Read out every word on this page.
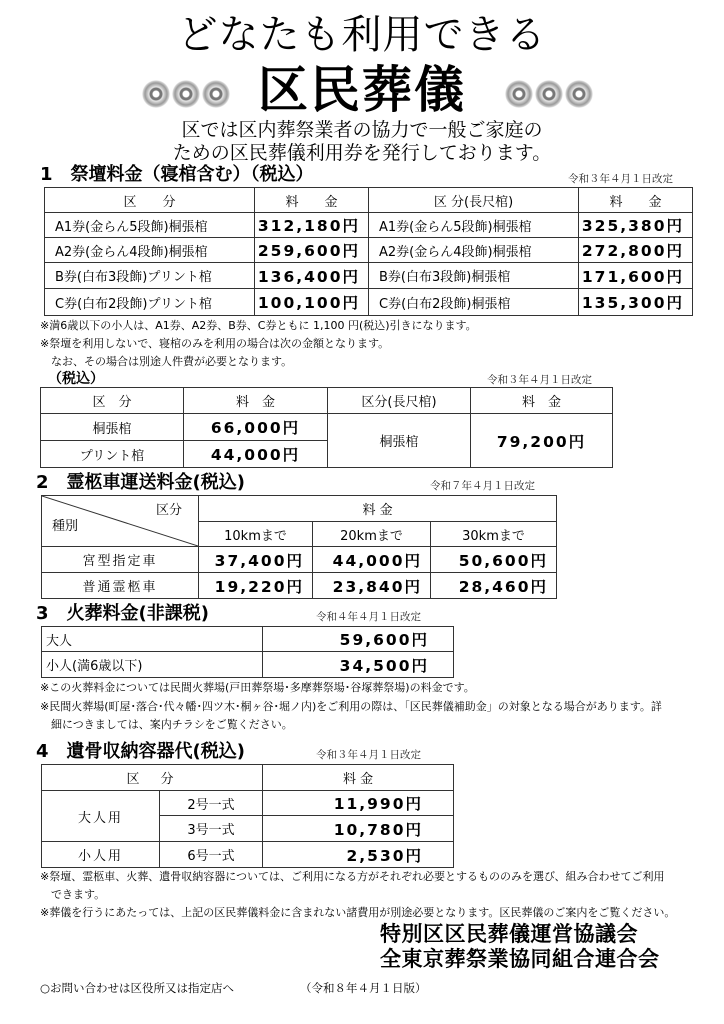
どなたも利用できる
区民葬儀
区では区内葬祭業者の協力で一般ご家庭の
ための区民葬儀利用券を発行しております。
1　祭壇料金（寝棺含む）（税込）	令和３年４月１日改定
区　　分	料　　金	区 分(長尺棺)	料　　金
A1券(金らん5段飾)桐張棺	312,180円	A1券(金らん5段飾)桐張棺	325,380円
A2券(金らん4段飾)桐張棺	259,600円	A2券(金らん4段飾)桐張棺	272,800円
B券(白布3段飾)プリント棺	136,400円	B券(白布3段飾)桐張棺	171,600円
C券(白布2段飾)プリント棺	100,100円	C券(白布2段飾)桐張棺	135,300円
※満6歳以下の小人は、A1券、A2券、B券、C券ともに 1,100 円(税込)引きになります。
※祭壇を利用しないで、寝棺のみを利用の場合は次の金額となります。
　なお、その場合は別途人件費が必要となります。
（税込）	令和３年４月１日改定
区　分	料　金	区分(長尺棺)	料　金
桐張棺	66,000円	桐張棺	79,200円
プリント棺	44,000円		
2　霊柩車運送料金(税込)	令和７年４月１日改定
区分
種別	料 金		
	10kmまで	20kmまで	30kmまで
宮型指定車	37,400円	44,000円	50,600円
普通霊柩車	19,220円	23,840円	28,460円
3　火葬料金(非課税)	令和４年４月１日改定
大人	59,600円
小人(満6歳以下)	34,500円
※この火葬料金については民間火葬場(戸田葬祭場･多摩葬祭場･谷塚葬祭場)の料金です。
※民間火葬場(町屋･落合･代々幡･四ツ木･桐ヶ谷･堀ノ内)をご利用の際は、「区民葬儀補助金」の対象となる場合があります。詳
　細につきましては、案内チラシをご覧ください。
4　遺骨収納容器代(税込)	令和３年４月１日改定
区　分		料 金
大人用	2号一式	11,990円
	3号一式	10,780円
小人用	6号一式	2,530円
※祭壇、霊柩車、火葬、遺骨収納容器については、ご利用になる方がそれぞれ必要とするもののみを選び、組み合わせてご利用
　できます。
※葬儀を行うにあたっては、上記の区民葬儀料金に含まれない諸費用が別途必要となります。区民葬儀のご案内をご覧ください。
特別区区民葬儀運営協議会
全東京葬祭業協同組合連合会
○お問い合わせは区役所又は指定店へ	（令和８年４月１日版）
